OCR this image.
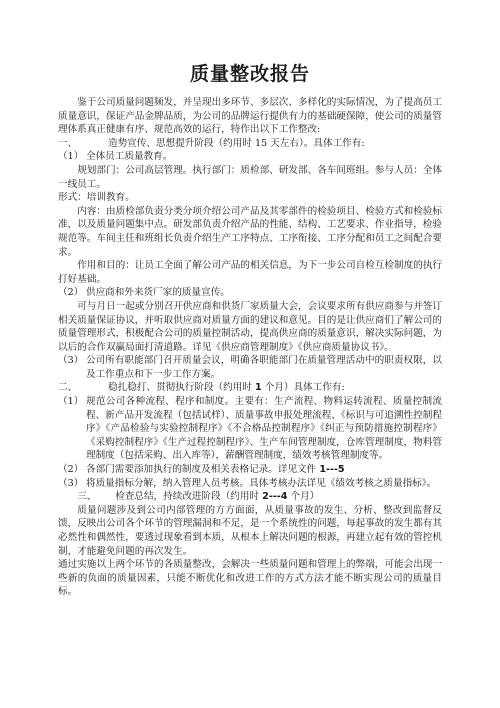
质量整改报告

鉴于公司质量问题频发，并呈现出多环节、多层次、多样化的实际情况，为了提高员工质量意识，保证产品金牌品质，为公司的品牌运行提供有力的基础硬保障，使公司的质量管理体系真正健康有序、规范高效的运行，特作出以下工作整改:

一、	造势宣传、思想提升阶段（约用时 15 天左右）。具体工作有:
（1） 全体员工质量教育。

规划部门：公司高层管理。执行部门：质检部、研发部、各车间班组。参与人员：全体一线员工。

形式：培训教育。

内容：由质检部负责分类分项介绍公司产品及其零部件的检验项目、检验方式和检验标准，以及质量问题集中点。研发部负责介绍产品的性能、结构、工艺要求、作业指导，检验规范等。车间主任和班组长负责介绍生产工序特点、工序衔接、工序分配和员工之间配合要求。

作用和目的：让员工全面了解公司产品的相关信息，为下一步公司自检互检制度的执行打好基础。

（2） 供应商和外来货厂家的质量宣传。

可与月日一起或分别召开供应商和供货厂家质量大会，会议要求所有供应商参与并签订相关质量保证协议，并听取供应商对质量方面的建议和意见。目的是让供应商们了解公司的质量管理形式，积极配合公司的质量控制活动，提高供应商的质量意识，解决实际问题，为以后的合作双赢局面打清道路。详见《供应商管理制度》《供应商质量协议书》。

（3） 公司所有职能部门召开质量会议，明确各职能部门在质量管理活动中的职责权限，以及工作重点和下一步工作方案。
二、	稳扎稳打、贯彻执行阶段（约用时 1 个月）具体工作有:
（1） 规范公司各种流程、程序和制度。主要有：生产流程、物料运转流程、质量控制流程、新产品开发流程（包括试样）、质量事故申报处理流程、《标识与可追溯性控制程序》《产品检验与实验控制程序》《不合格品控制程序》《纠正与预防措施控制程序》《采购控制程序》《生产过程控制程序》、生产车间管理制度，仓库管理制度，物料管理制度（包括采购、出入库等），薪酬管理制度，绩效考核管理制度等。
（2） 各部门需要添加执行的制度及相关表格记录。详见文件 1---5
（3） 将质量指标分解，纳入管理人员考核。具体考核办法详见《绩效考核之质量指标》。
三、	检查总结，持续改进阶段（约用时 2---4 个月）

质量问题涉及到公司内部管理的方方面面，从质量事故的发生、分析、整改到监督反馈，反映出公司各个环节的管理漏洞和不足，是一个系统性的问题，每起事故的发生都有其必然性和偶然性，要透过现象看到本质，从根本上解决问题的根源，再建立起有效的管控机制，才能避免问题的再次发生。

通过实施以上两个环节的各质量整改，会解决一些质量问题和管理上的弊端，可能会出现一些新的负面的质量因素，只能不断优化和改进工作的方式方法才能不断实现公司的质量目标。
